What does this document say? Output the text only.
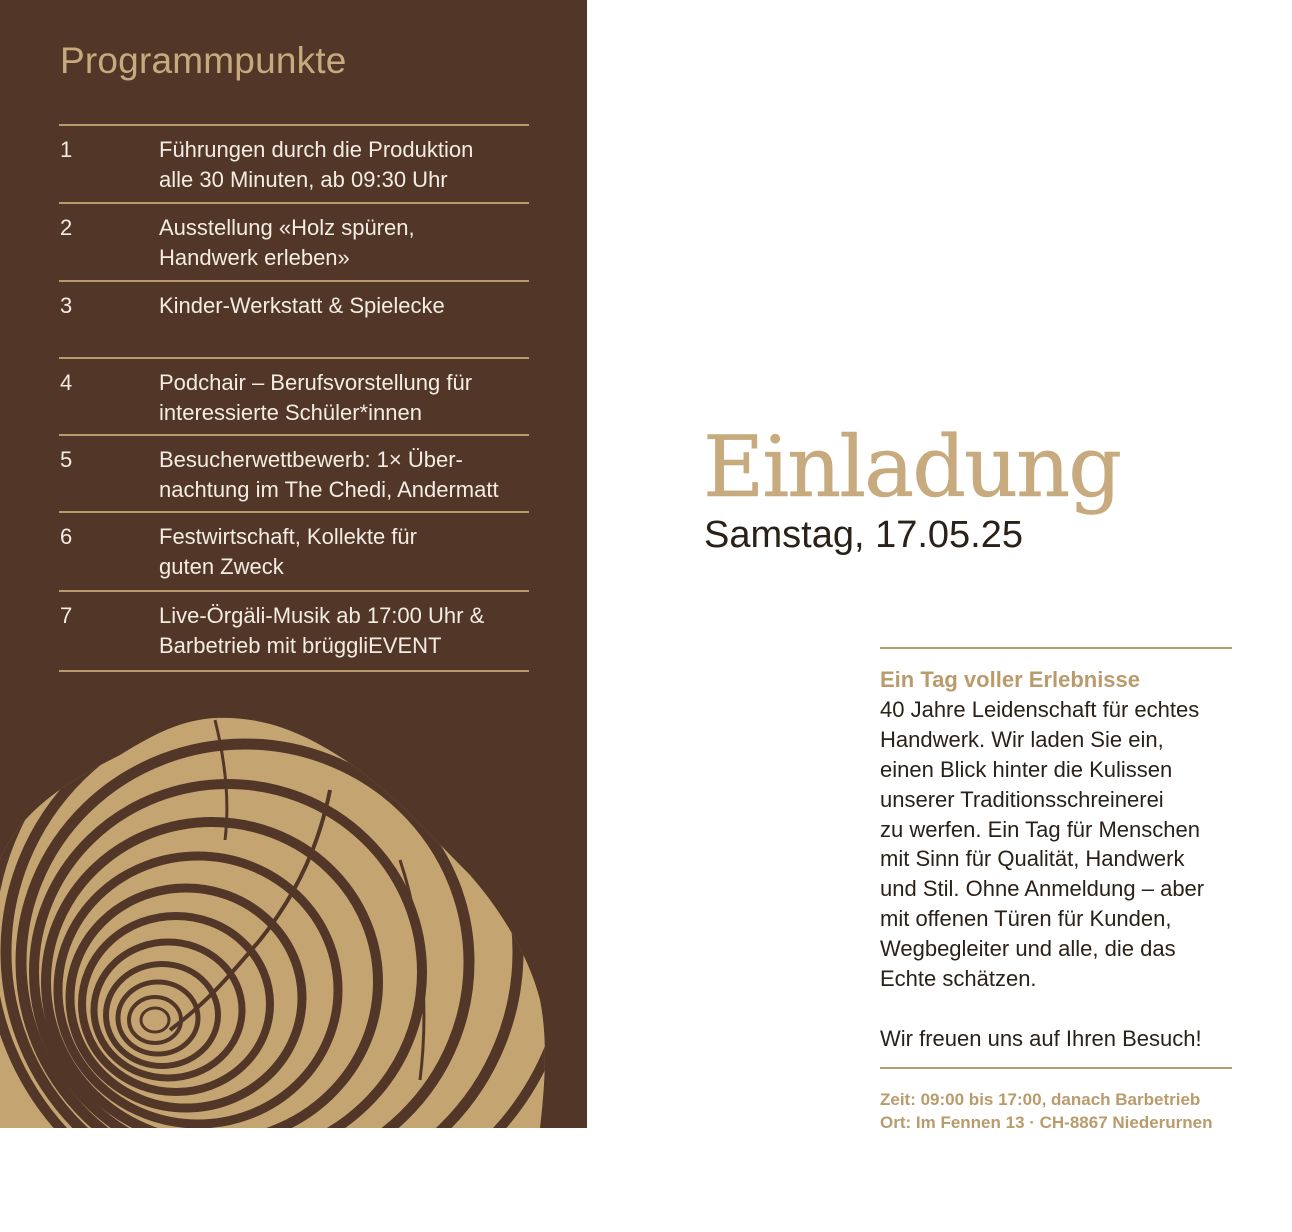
Programmpunkte
1	Führungen durch die Produktion
alle 30 Minuten, ab 09:30 Uhr
2	Ausstellung «Holz spüren,
Handwerk erleben»
3	Kinder-Werkstatt & Spielecke
4	Podchair – Berufsvorstellung für
interessierte Schüler*innen
5	Besucherwettbewerb: 1× Über-
nachtung im The Chedi, Andermatt
6	Festwirtschaft, Kollekte für
guten Zweck
7	Live-Örgäli-Musik ab 17:00 Uhr &
Barbetrieb mit brüggliEVENT
Einladung

Samstag, 17.05.25

Ein Tag voller Erlebnisse
40 Jahre Leidenschaft für echtes
Handwerk. Wir laden Sie ein,
einen Blick hinter die Kulissen
unserer Traditionsschreinerei
zu werfen. Ein Tag für Menschen
mit Sinn für Qualität, Handwerk
und Stil. Ohne Anmeldung – aber
mit offenen Türen für Kunden,
Wegbegleiter und alle, die das
Echte schätzen.
Wir freuen uns auf Ihren Besuch!
Zeit: 09:00 bis 17:00, danach Barbetrieb
Ort: Im Fennen 13 · CH-8867 Niederurnen
